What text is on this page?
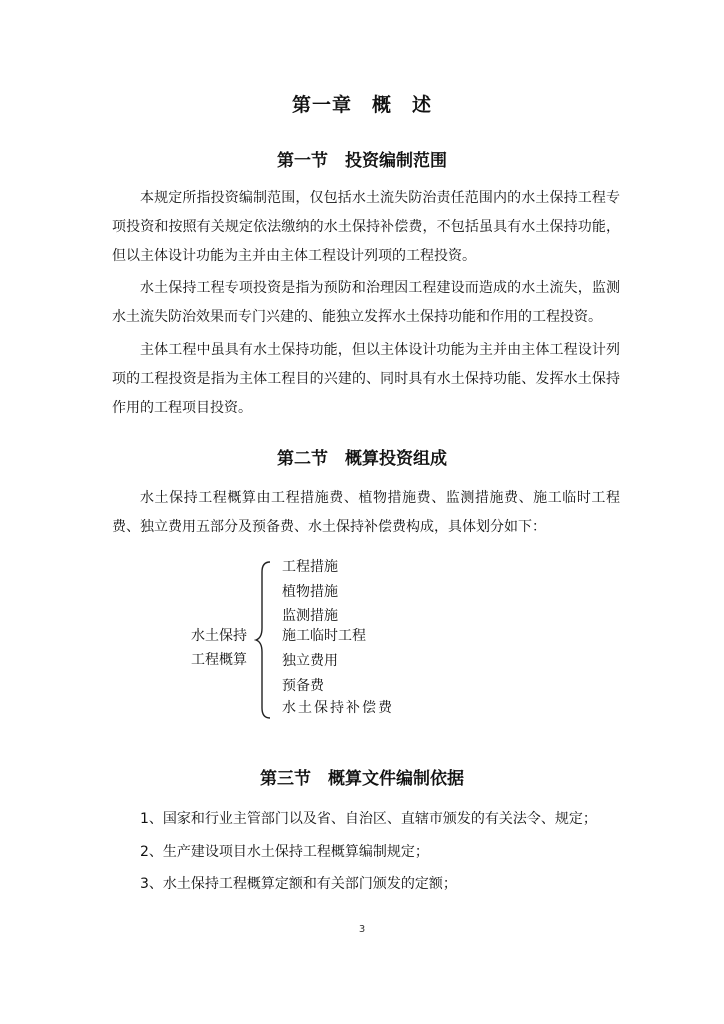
第一章　概　述
第一节　投资编制范围

本规定所指投资编制范围，仅包括水土流失防治责任范围内的水土保持工程专项投资和按照有关规定依法缴纳的水土保持补偿费，不包括虽具有水土保持功能，但以主体设计功能为主并由主体工程设计列项的工程投资。

水土保持工程专项投资是指为预防和治理因工程建设而造成的水土流失，监测水土流失防治效果而专门兴建的、能独立发挥水土保持功能和作用的工程投资。

主体工程中虽具有水土保持功能，但以主体设计功能为主并由主体工程设计列项的工程投资是指为主体工程目的兴建的、同时具有水土保持功能、发挥水土保持作用的工程项目投资。

第二节　概算投资组成

水土保持工程概算由工程措施费、植物措施费、监测措施费、施工临时工程费、独立费用五部分及预备费、水土保持补偿费构成，具体划分如下：

水土保持
工程概算
工程措施
植物措施
监测措施
施工临时工程
独立费用
预备费
水土保持补偿费
第三节　概算文件编制依据
1、国家和行业主管部门以及省、自治区、直辖市颁发的有关法令、规定；
2、生产建设项目水土保持工程概算编制规定；
3、水土保持工程概算定额和有关部门颁发的定额；
3
